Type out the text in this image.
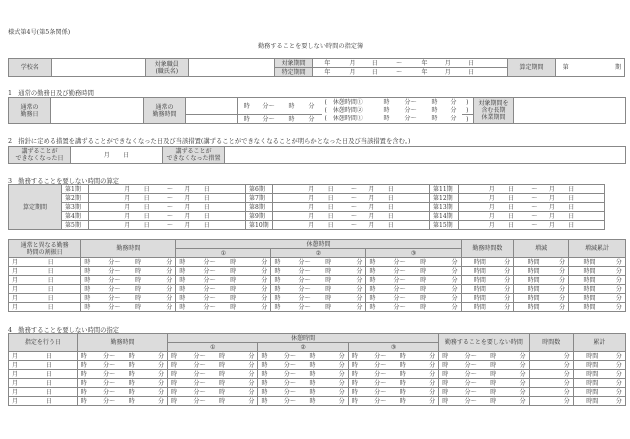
様式第4号(第5条関係)
勤務することを要しない時間の指定簿
学校名		対象職員
(職氏名)		対象期間	年	月	日	〜	年	月	日		算定期間	第	期
				特定期間	年	月	日	〜	年	月	日				
1　通常の勤務日及び勤務時間
通常の
勤務日		通常の
勤務時間		時	分〜	時	分	(　休憩時間①	時	分〜	時	分	)	対象期間を
含む長期
休業期間	
								(　休憩時間②	時	分〜	時	分	)		
				時	分〜	時	分	(　休憩時間①	時	分〜	時	分	)		
2　指針に定める措置を講ずることができなくなった日及び当該措置(講ずることができなくなることが明らかとなった日及び当該措置を含む。)
講ずることが
できなくなった日	月 日	講ずることが
できなくなった措置	
3　勤務することを要しない時間の算定
算定期間	第1期	月 日 〜 月 日	第6期	月 日 〜 月 日	第11期	月 日 〜 月 日
	第2期	月 日 〜 月 日	第7期	月 日 〜 月 日	第12期	月 日 〜 月 日
	第3期	月 日 〜 月 日	第8期	月 日 〜 月 日	第13期	月 日 〜 月 日
	第4期	月 日 〜 月 日	第9期	月 日 〜 月 日	第14期	月 日 〜 月 日
	第5期	月 日 〜 月 日	第10期	月 日 〜 月 日	第15期	月 日 〜 月 日
通常と異なる勤務
時間の割振日		勤務時間				休憩時間												勤務時間数		増減		増減累計	
						①				②				③									
月	日	時	分〜	時	分	時	分〜	時	分	時	分〜	時	分	時	分〜	時	分	時間	分	時間	分	時間	分
月	日	時	分〜	時	分	時	分〜	時	分	時	分〜	時	分	時	分〜	時	分	時間	分	時間	分	時間	分
月	日	時	分〜	時	分	時	分〜	時	分	時	分〜	時	分	時	分〜	時	分	時間	分	時間	分	時間	分
月	日	時	分〜	時	分	時	分〜	時	分	時	分〜	時	分	時	分〜	時	分	時間	分	時間	分	時間	分
月	日	時	分〜	時	分	時	分〜	時	分	時	分〜	時	分	時	分〜	時	分	時間	分	時間	分	時間	分
月	日	時	分〜	時	分	時	分〜	時	分	時	分〜	時	分	時	分〜	時	分	時間	分	時間	分	時間	分
4　勤務することを要しない時間の指定
指定を行う日		勤務時間				休憩時間												勤務することを要しない時間				時間数	累計	
						①				②				③										
月	日	時	分〜	時	分	時	分〜	時	分	時	分〜	時	分	時	分〜	時	分	時	分〜	時	分	分	時間	分
月	日	時	分〜	時	分	時	分〜	時	分	時	分〜	時	分	時	分〜	時	分	時	分〜	時	分	分	時間	分
月	日	時	分〜	時	分	時	分〜	時	分	時	分〜	時	分	時	分〜	時	分	時	分〜	時	分	分	時間	分
月	日	時	分〜	時	分	時	分〜	時	分	時	分〜	時	分	時	分〜	時	分	時	分〜	時	分	分	時間	分
月	日	時	分〜	時	分	時	分〜	時	分	時	分〜	時	分	時	分〜	時	分	時	分〜	時	分	分	時間	分
月	日	時	分〜	時	分	時	分〜	時	分	時	分〜	時	分	時	分〜	時	分	時	分〜	時	分	分	時間	分
